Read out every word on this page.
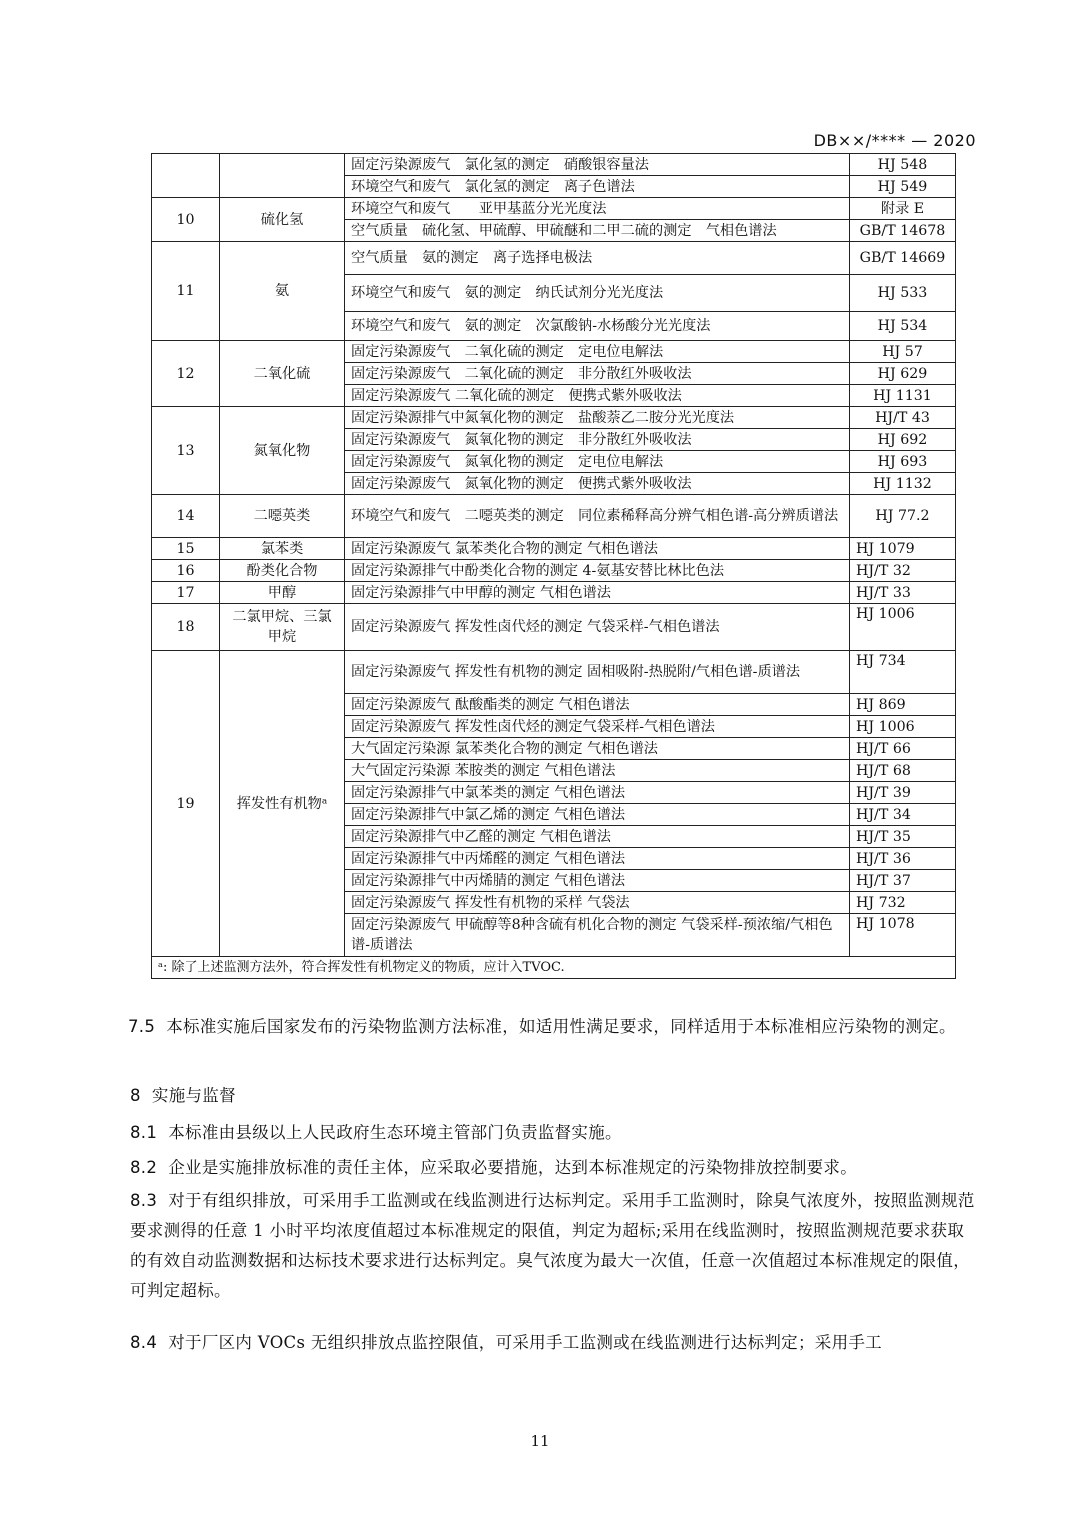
DB××/**** — 2020
		固定污染源废气　氯化氢的测定　硝酸银容量法	HJ 548
		环境空气和废气　氯化氢的测定　离子色谱法	HJ 549
10	硫化氢	环境空气和废气　　亚甲基蓝分光光度法	附录 E
		空气质量　硫化氢、甲硫醇、甲硫醚和二甲二硫的测定　气相色谱法	GB/T 14678
11	氨	空气质量　氨的测定　离子选择电极法	GB/T 14669
		环境空气和废气　氨的测定　纳氏试剂分光光度法	HJ 533
		环境空气和废气　氨的测定　次氯酸钠-水杨酸分光光度法	HJ 534
12	二氧化硫	固定污染源废气　二氧化硫的测定　定电位电解法	HJ 57
		固定污染源废气　二氧化硫的测定　非分散红外吸收法	HJ 629
		固定污染源废气 二氧化硫的测定　便携式紫外吸收法	HJ 1131
13	氮氧化物	固定污染源排气中氮氧化物的测定　盐酸萘乙二胺分光光度法	HJ/T 43
		固定污染源废气　氮氧化物的测定　非分散红外吸收法	HJ 692
		固定污染源废气　氮氧化物的测定　定电位电解法	HJ 693
		固定污染源废气　氮氧化物的测定　便携式紫外吸收法	HJ 1132
14	二噁英类	环境空气和废气　二噁英类的测定　同位素稀释高分辨气相色谱-高分辨质谱法	HJ 77.2
15	氯苯类	固定污染源废气 氯苯类化合物的测定 气相色谱法	HJ 1079
16	酚类化合物	固定污染源排气中酚类化合物的测定 4-氨基安替比林比色法	HJ/T 32
17	甲醇	固定污染源排气中甲醇的测定 气相色谱法	HJ/T 33
18	二氯甲烷、三氯甲烷	固定污染源废气 挥发性卤代烃的测定 气袋采样-气相色谱法	HJ 1006
19	挥发性有机物ᵃ	固定污染源废气 挥发性有机物的测定 固相吸附-热脱附/气相色谱-质谱法	HJ 734
		固定污染源废气 酞酸酯类的测定 气相色谱法	HJ 869
		固定污染源废气 挥发性卤代烃的测定气袋采样-气相色谱法	HJ 1006
		大气固定污染源 氯苯类化合物的测定 气相色谱法	HJ/T 66
		大气固定污染源 苯胺类的测定 气相色谱法	HJ/T 68
		固定污染源排气中氯苯类的测定 气相色谱法	HJ/T 39
		固定污染源排气中氯乙烯的测定 气相色谱法	HJ/T 34
		固定污染源排气中乙醛的测定 气相色谱法	HJ/T 35
		固定污染源排气中丙烯醛的测定 气相色谱法	HJ/T 36
		固定污染源排气中丙烯腈的测定 气相色谱法	HJ/T 37
		固定污染源废气 挥发性有机物的采样 气袋法	HJ 732
		固定污染源废气 甲硫醇等8种含硫有机化合物的测定 气袋采样-预浓缩/气相色谱-质谱法	HJ 1078
ᵃ: 除了上述监测方法外，符合挥发性有机物定义的物质，应计入TVOC.			
7.5 本标准实施后国家发布的污染物监测方法标准，如适用性满足要求，同样适用于本标准相应污染物的测定。
8 实施与监督
8.1 本标准由县级以上人民政府生态环境主管部门负责监督实施。
8.2 企业是实施排放标准的责任主体，应采取必要措施，达到本标准规定的污染物排放控制要求。
8.3 对于有组织排放，可采用手工监测或在线监测进行达标判定。采用手工监测时，除臭气浓度外，按照监测规范要求测得的任意 1 小时平均浓度值超过本标准规定的限值，判定为超标;采用在线监测时，按照监测规范要求获取的有效自动监测数据和达标技术要求进行达标判定。臭气浓度为最大一次值，任意一次值超过本标准规定的限值，可判定超标。
8.4 对于厂区内 VOCs 无组织排放点监控限值，可采用手工监测或在线监测进行达标判定；采用手工
11
